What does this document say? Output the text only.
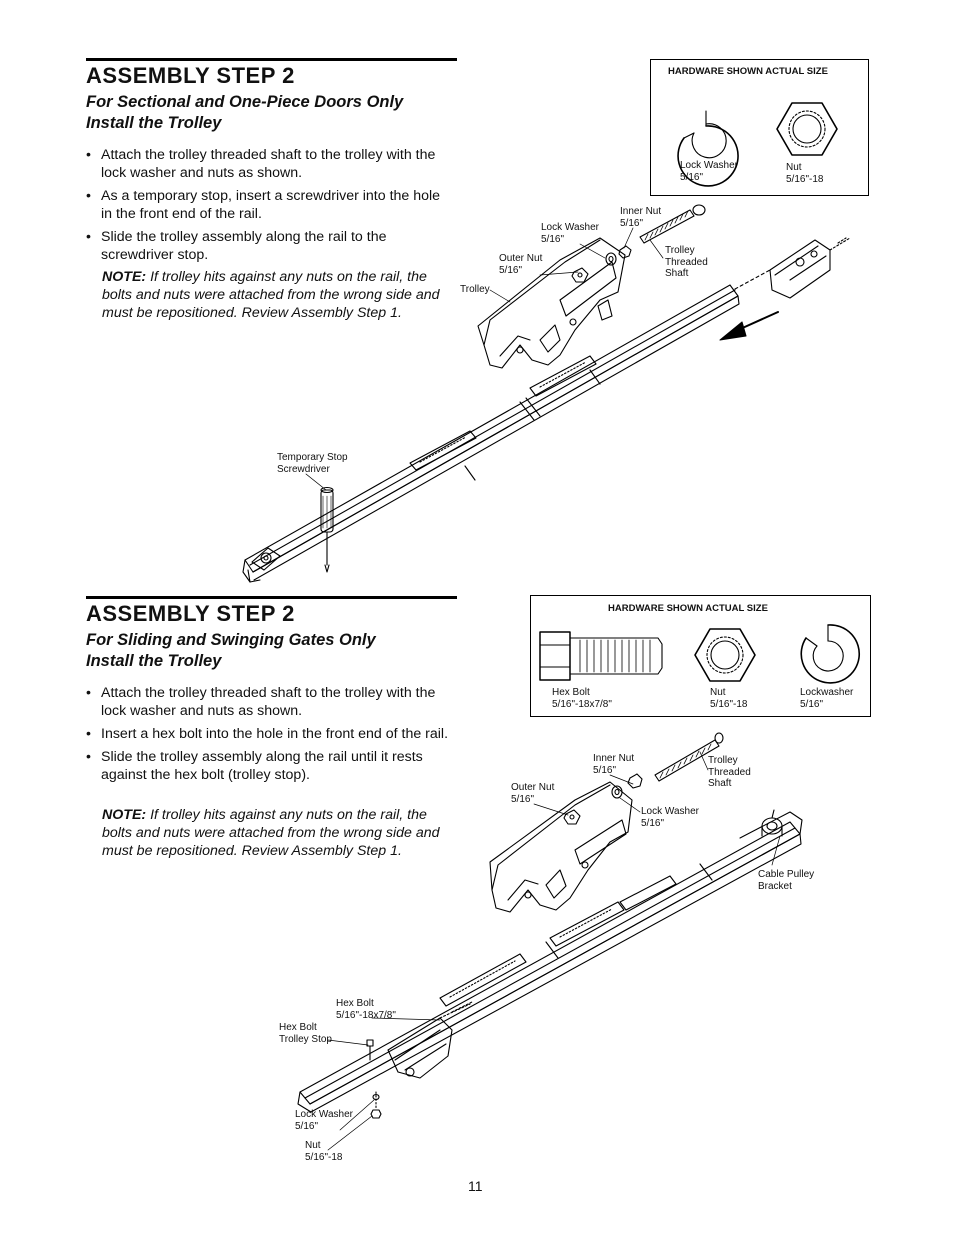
ASSEMBLY STEP 2
For Sectional and One-Piece Doors Only
Install the Trolley
• Attach the trolley threaded shaft to the trolley with the lock washer and nuts as shown.
• As a temporary stop, insert a screwdriver into the hole in the front end of the rail.
• Slide the trolley assembly along the rail to the screwdriver stop.
NOTE: If trolley hits against any nuts on the rail, the bolts and nuts were attached from the wrong side and must be repositioned. Review Assembly Step 1.
HARDWARE SHOWN ACTUAL SIZE
Lock Washer
5/16"
Nut
5/16"-18
Inner Nut
5/16"
Lock Washer
5/16"
Outer Nut
5/16"
Trolley
Trolley
Threaded
Shaft
Temporary Stop
Screwdriver
ASSEMBLY STEP 2
For Sliding and Swinging Gates Only
Install the Trolley
• Attach the trolley threaded shaft to the trolley with the lock washer and nuts as shown.
• Insert a hex bolt into the hole in the front end of the rail.
• Slide the trolley assembly along the rail until it rests against the hex bolt (trolley stop).
NOTE: If trolley hits against any nuts on the rail, the bolts and nuts were attached from the wrong side and must be repositioned. Review Assembly Step 1.
HARDWARE SHOWN ACTUAL SIZE
Hex Bolt
5/16"-18x7/8"
Nut
5/16"-18
Lockwasher
5/16"
Inner Nut
5/16"
Outer Nut
5/16"
Lock Washer
5/16"
Trolley
Threaded
Shaft
Cable Pulley
Bracket
Hex Bolt
5/16"-18x7/8"
Hex Bolt
Trolley Stop
Lock Washer
5/16"
Nut
5/16"-18
11
